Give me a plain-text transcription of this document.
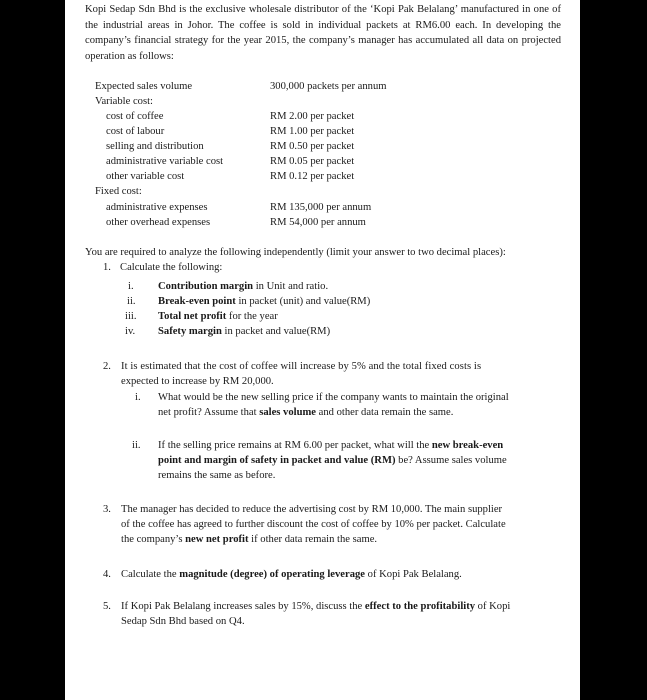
Kopi Sedap Sdn Bhd is the exclusive wholesale distributor of the ‘Kopi Pak Belalang’ manufactured in one of the industrial areas in Johor. The coffee is sold in individual packets at RM6.00 each. In developing the company’s financial strategy for the year 2015, the company’s manager has accumulated all data on projected operation as follows:
Expected sales volume	300,000 packets per annum
Variable cost:
cost of coffee	RM 2.00 per packet
cost of labour	RM 1.00 per packet
selling and distribution	RM 0.50 per packet
administrative variable cost	RM 0.05 per packet
other variable cost	RM 0.12 per packet
Fixed cost:
administrative expenses	RM 135,000 per annum
other overhead expenses	RM 54,000 per annum
You are required to analyze the following independently (limit your answer to two decimal places):
1. Calculate the following:
i. Contribution margin in Unit and ratio.
ii. Break-even point in packet (unit) and value(RM)
iii. Total net profit for the year
iv. Safety margin in packet and value(RM)
2. It is estimated that the cost of coffee will increase by 5% and the total fixed costs is
expected to increase by RM 20,000.
i. What would be the new selling price if the company wants to maintain the original
net profit? Assume that sales volume and other data remain the same.
ii. If the selling price remains at RM 6.00 per packet, what will the new break-even
point and margin of safety in packet and value (RM) be? Assume sales volume
remains the same as before.
3. The manager has decided to reduce the advertising cost by RM 10,000. The main supplier
of the coffee has agreed to further discount the cost of coffee by 10% per packet. Calculate
the company’s new net profit if other data remain the same.
4. Calculate the magnitude (degree) of operating leverage of Kopi Pak Belalang.
5. If Kopi Pak Belalang increases sales by 15%, discuss the effect to the profitability of Kopi
Sedap Sdn Bhd based on Q4.
